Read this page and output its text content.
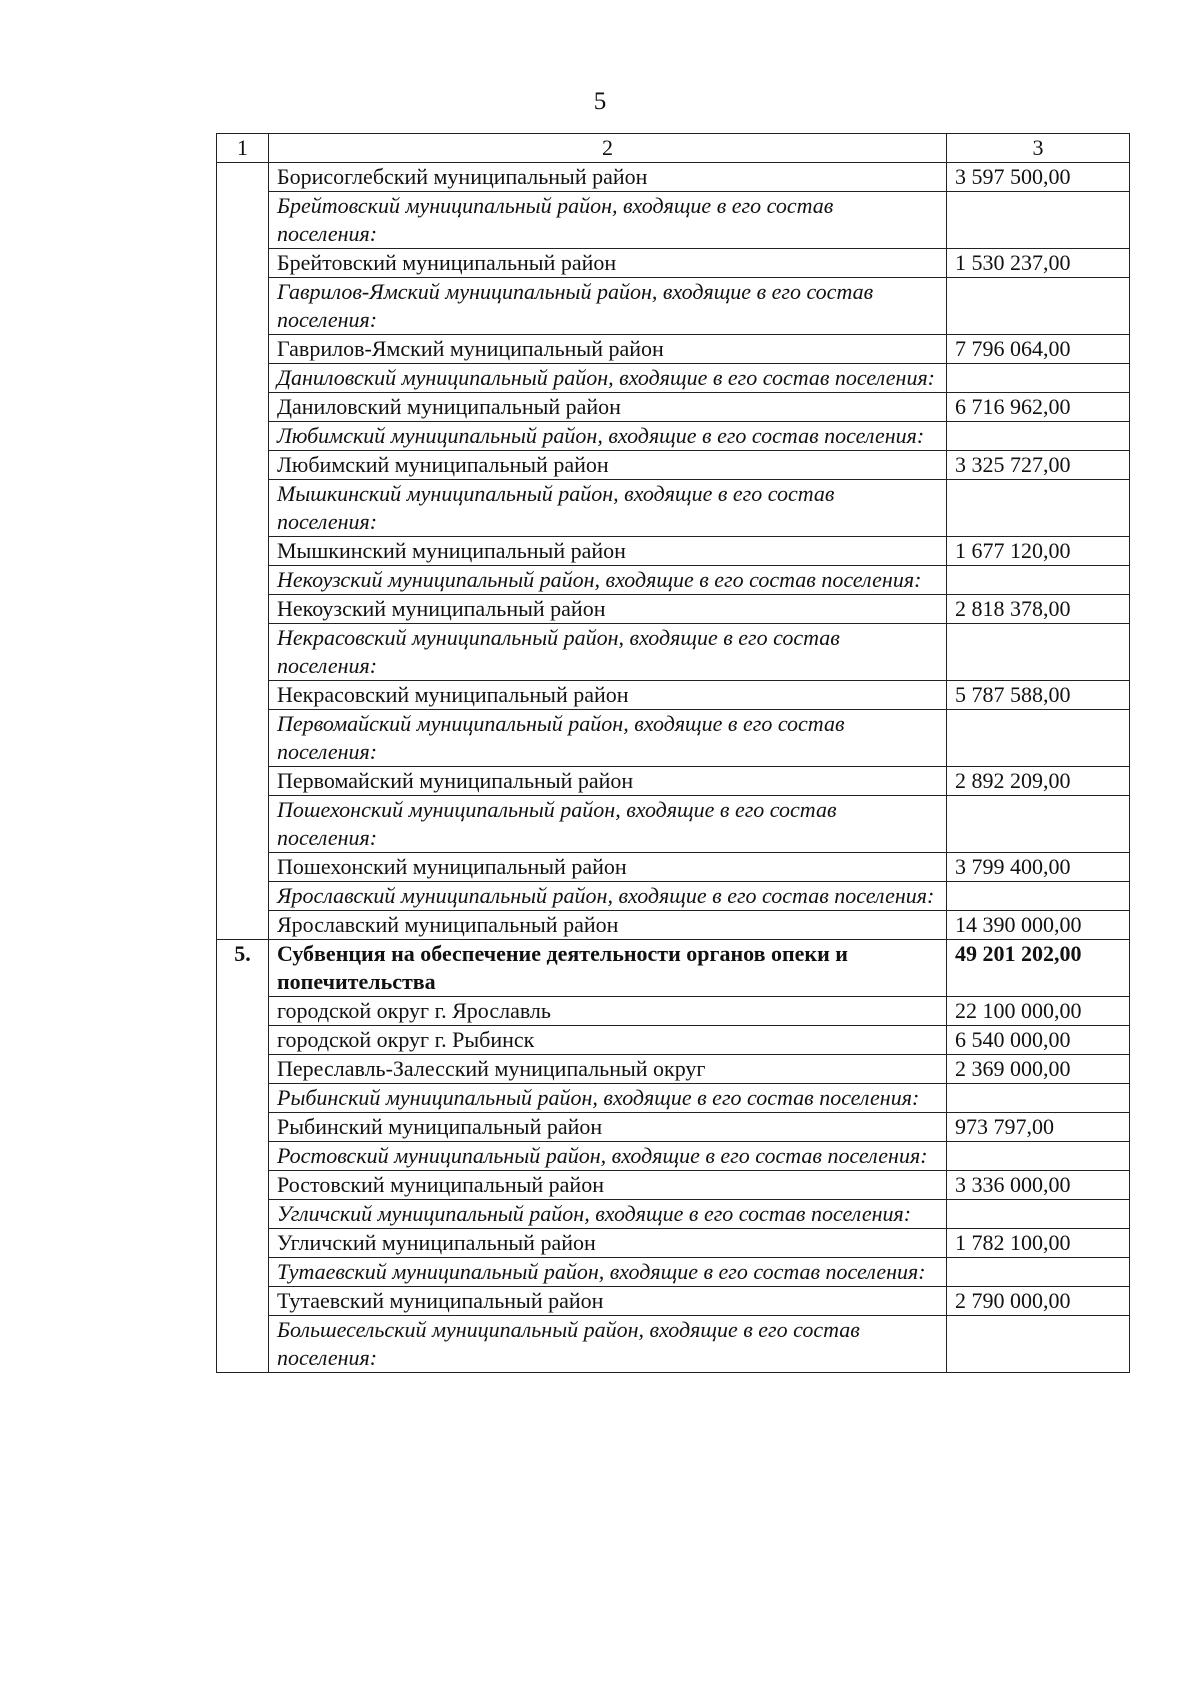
5
1	2	3
	Борисоглебский муниципальный район	3 597 500,00
	Брейтовский муниципальный район, входящие в его состав поселения:	
	Брейтовский муниципальный район	1 530 237,00
	Гаврилов-Ямский муниципальный район, входящие в его состав поселения:	
	Гаврилов-Ямский муниципальный район	7 796 064,00
	Даниловский муниципальный район, входящие в его состав поселения:	
	Даниловский муниципальный район	6 716 962,00
	Любимский муниципальный район, входящие в его состав поселения:	
	Любимский муниципальный район	3 325 727,00
	Мышкинский муниципальный район, входящие в его состав поселения:	
	Мышкинский муниципальный район	1 677 120,00
	Некоузский муниципальный район, входящие в его состав поселения:	
	Некоузский муниципальный район	2 818 378,00
	Некрасовский муниципальный район, входящие в его состав поселения:	
	Некрасовский муниципальный район	5 787 588,00
	Первомайский муниципальный район, входящие в его состав поселения:	
	Первомайский муниципальный район	2 892 209,00
	Пошехонский муниципальный район, входящие в его состав поселения:	
	Пошехонский муниципальный район	3 799 400,00
	Ярославский муниципальный район, входящие в его состав поселения:	
	Ярославский муниципальный район	14 390 000,00
5.	Субвенция на обеспечение деятельности органов опеки и попечительства	49 201 202,00
	городской округ г. Ярославль	22 100 000,00
	городской округ г. Рыбинск	6 540 000,00
	Переславль-Залесский муниципальный округ	2 369 000,00
	Рыбинский муниципальный район, входящие в его состав поселения:	
	Рыбинский муниципальный район	973 797,00
	Ростовский муниципальный район, входящие в его состав поселения:	
	Ростовский муниципальный район	3 336 000,00
	Угличский муниципальный район, входящие в его состав поселения:	
	Угличский муниципальный район	1 782 100,00
	Тутаевский муниципальный район, входящие в его состав поселения:	
	Тутаевский муниципальный район	2 790 000,00
	Большесельский муниципальный район, входящие в его состав поселения:	
